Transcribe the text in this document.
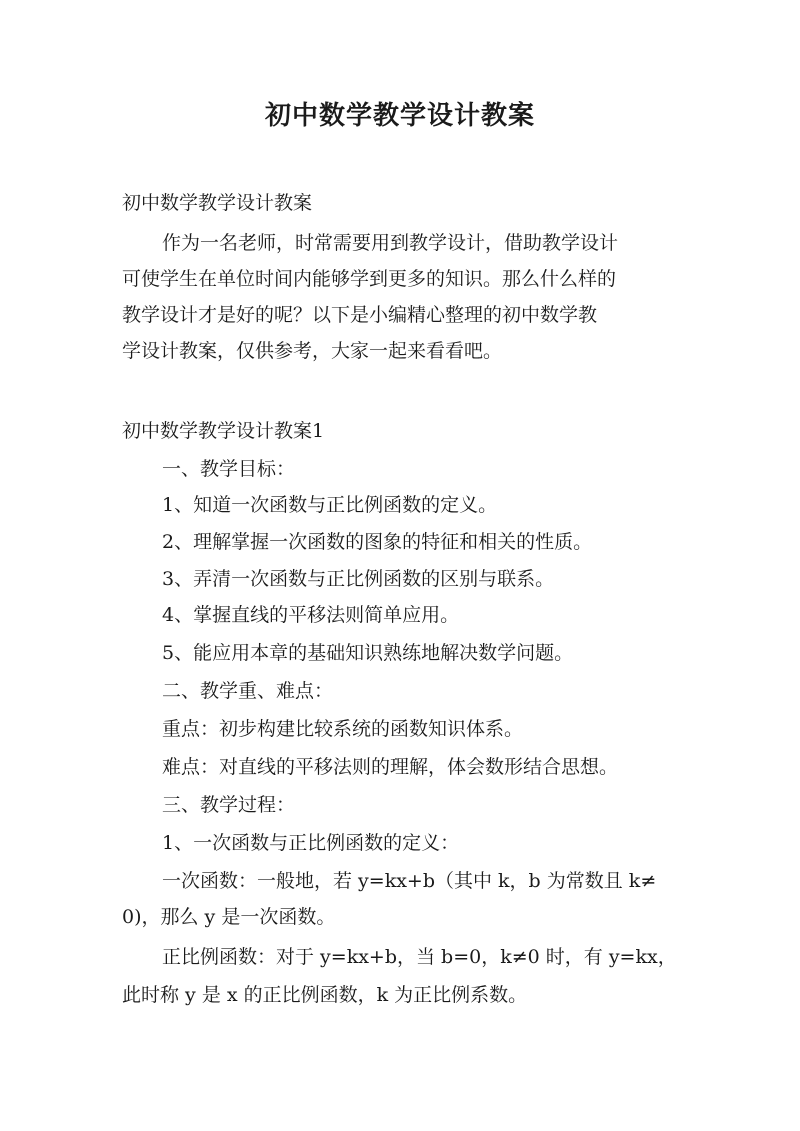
初中数学教学设计教案
初中数学教学设计教案
作为一名老师，时常需要用到教学设计，借助教学设计
可使学生在单位时间内能够学到更多的知识。那么什么样的
教学设计才是好的呢？以下是小编精心整理的初中数学教
学设计教案，仅供参考，大家一起来看看吧。
初中数学教学设计教案1
一、教学目标：
1、知道一次函数与正比例函数的定义。
2、理解掌握一次函数的图象的特征和相关的性质。
3、弄清一次函数与正比例函数的区别与联系。
4、掌握直线的平移法则简单应用。
5、能应用本章的基础知识熟练地解决数学问题。
二、教学重、难点：
重点：初步构建比较系统的函数知识体系。
难点：对直线的平移法则的理解，体会数形结合思想。
三、教学过程：
1、一次函数与正比例函数的定义：
一次函数：一般地，若 y=kx+b（其中 k，b 为常数且 k≠
0)，那么 y 是一次函数。
正比例函数：对于 y=kx+b，当 b=0，k≠0 时，有 y=kx，
此时称 y 是 x 的正比例函数，k 为正比例系数。
